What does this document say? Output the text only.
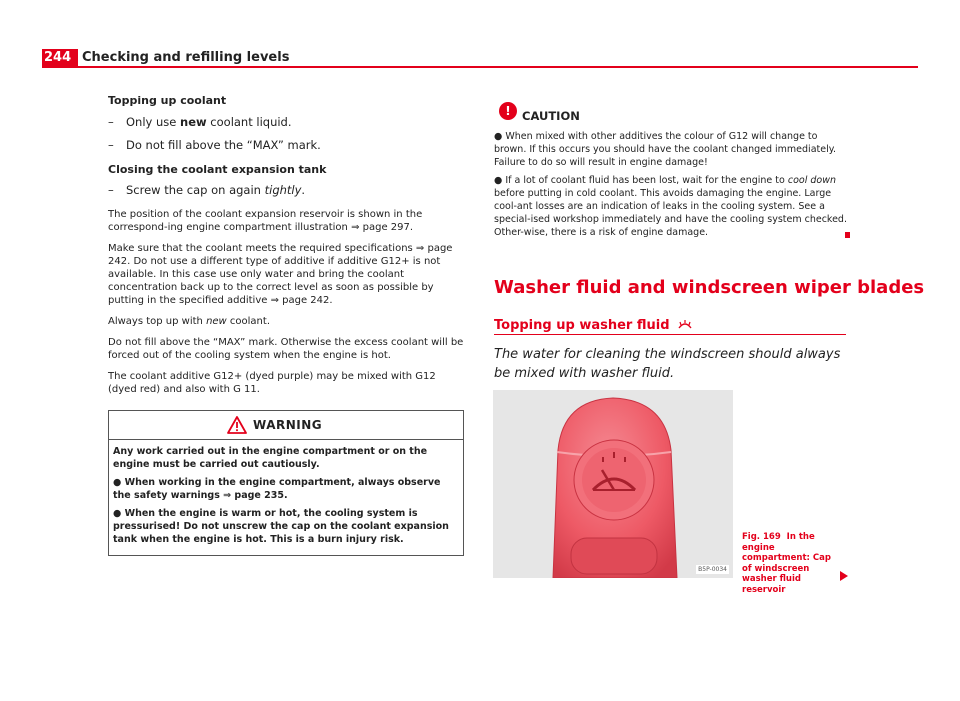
244 Checking and refilling levels
Topping up coolant
– Only use new coolant liquid.
– Do not fill above the “MAX” mark.
Closing the coolant expansion tank
– Screw the cap on again tightly.

The position of the coolant expansion reservoir is shown in the correspond-ing engine compartment illustration ⇒ page 297.

Make sure that the coolant meets the required specifications ⇒ page 242. Do not use a different type of additive if additive G12+ is not available. In this case use only water and bring the coolant concentration back up to the correct level as soon as possible by putting in the specified additive ⇒ page 242.

Always top up with new coolant.

Do not fill above the “MAX” mark. Otherwise the excess coolant will be forced out of the cooling system when the engine is hot.

The coolant additive G12+ (dyed purple) may be mixed with G12 (dyed red) and also with G 11.

WARNING

Any work carried out in the engine compartment or on the engine must be carried out cautiously.

● When working in the engine compartment, always observe the safety warnings ⇒ page 235.

● When the engine is warm or hot, the cooling system is pressurised! Do not unscrew the cap on the coolant expansion tank when the engine is hot. This is a burn injury risk.

! CAUTION

● When mixed with other additives the colour of G12 will change to brown. If this occurs you should have the coolant changed immediately. Failure to do so will result in engine damage!

● If a lot of coolant fluid has been lost, wait for the engine to cool down before putting in cold coolant. This avoids damaging the engine. Large cool-ant losses are an indication of leaks in the cooling system. See a special-ised workshop immediately and have the cooling system checked. Other-wise, there is a risk of engine damage.

Washer fluid and windscreen wiper blades
Topping up washer fluid
The water for cleaning the windscreen should always be mixed with washer fluid.
B5P-0034
Fig. 169 In the engine compartment: Cap of windscreen washer fluid reservoir
